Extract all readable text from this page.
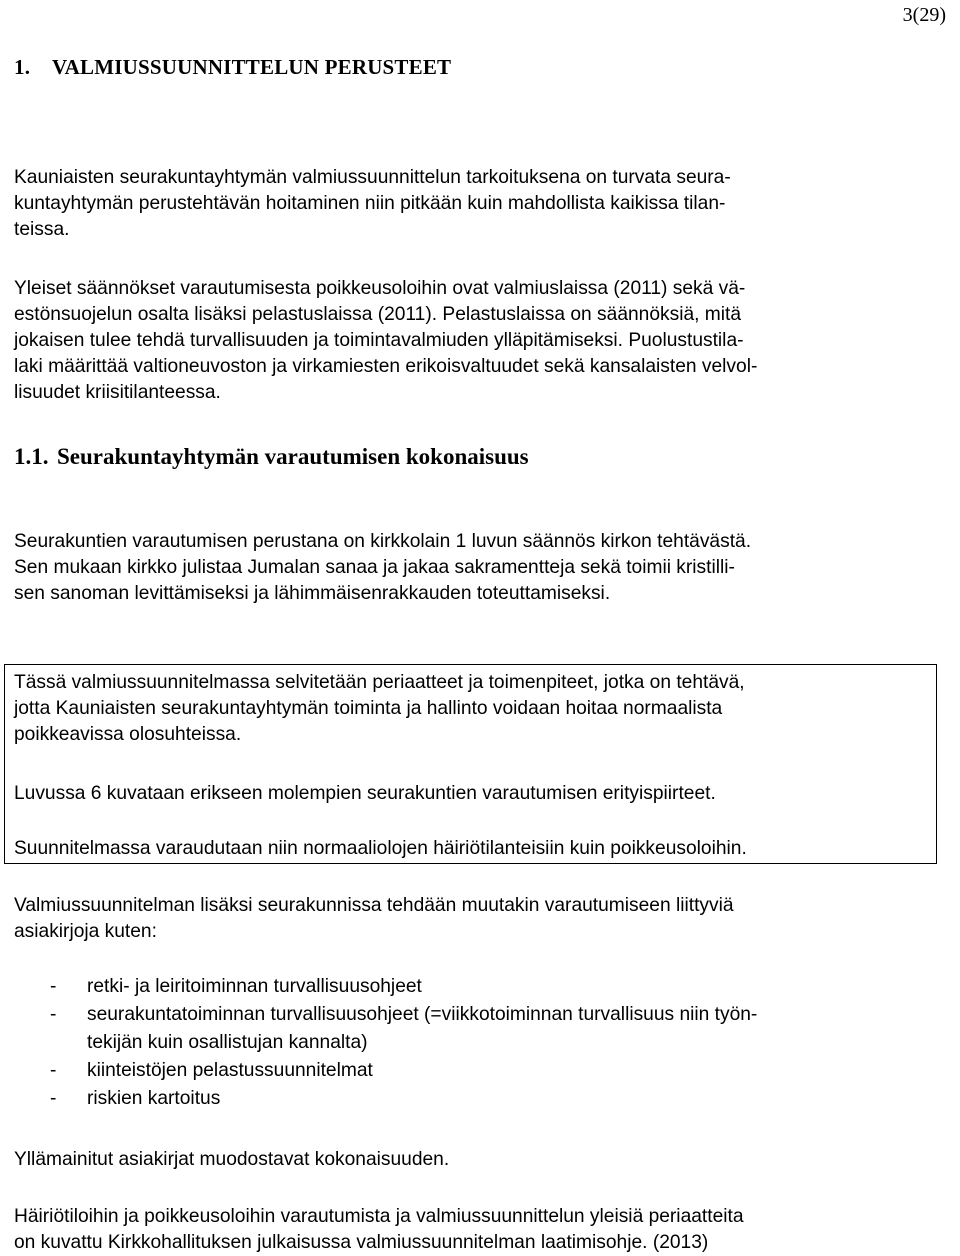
3(29)
1. VALMIUSSUUNNITTELUN PERUSTEET
Kauniaisten seurakuntayhtymän valmiussuunnittelun tarkoituksena on turvata seura-
kuntayhtymän perustehtävän hoitaminen niin pitkään kuin mahdollista kaikissa tilan-
teissa.
Yleiset säännökset varautumisesta poikkeusoloihin ovat valmiuslaissa (2011) sekä vä-
estönsuojelun osalta lisäksi pelastuslaissa (2011). Pelastuslaissa on säännöksiä, mitä
jokaisen tulee tehdä turvallisuuden ja toimintavalmiuden ylläpitämiseksi. Puolustustila-
laki määrittää valtioneuvoston ja virkamiesten erikoisvaltuudet sekä kansalaisten velvol-
lisuudet kriisitilanteessa.
1.1. Seurakuntayhtymän varautumisen kokonaisuus
Seurakuntien varautumisen perustana on kirkkolain 1 luvun säännös kirkon tehtävästä.
Sen mukaan kirkko julistaa Jumalan sanaa ja jakaa sakramentteja sekä toimii kristilli-
sen sanoman levittämiseksi ja lähimmäisenrakkauden toteuttamiseksi.
Tässä valmiussuunnitelmassa selvitetään periaatteet ja toimenpiteet, jotka on tehtävä,
jotta Kauniaisten seurakuntayhtymän toiminta ja hallinto voidaan hoitaa normaalista
poikkeavissa olosuhteissa.
Luvussa 6 kuvataan erikseen molempien seurakuntien varautumisen erityispiirteet.
Suunnitelmassa varaudutaan niin normaaliolojen häiriötilanteisiin kuin poikkeusoloihin.
Valmiussuunnitelman lisäksi seurakunnissa tehdään muutakin varautumiseen liittyviä
asiakirjoja kuten:
-	retki- ja leiritoiminnan turvallisuusohjeet
-	seurakuntatoiminnan turvallisuusohjeet (=viikkotoiminnan turvallisuus niin työn-
tekijän kuin osallistujan kannalta)
-	kiinteistöjen pelastussuunnitelmat
-	riskien kartoitus
Yllämainitut asiakirjat muodostavat kokonaisuuden.
Häiriötiloihin ja poikkeusoloihin varautumista ja valmiussuunnittelun yleisiä periaatteita
on kuvattu Kirkkohallituksen julkaisussa valmiussuunnitelman laatimisohje. (2013)
